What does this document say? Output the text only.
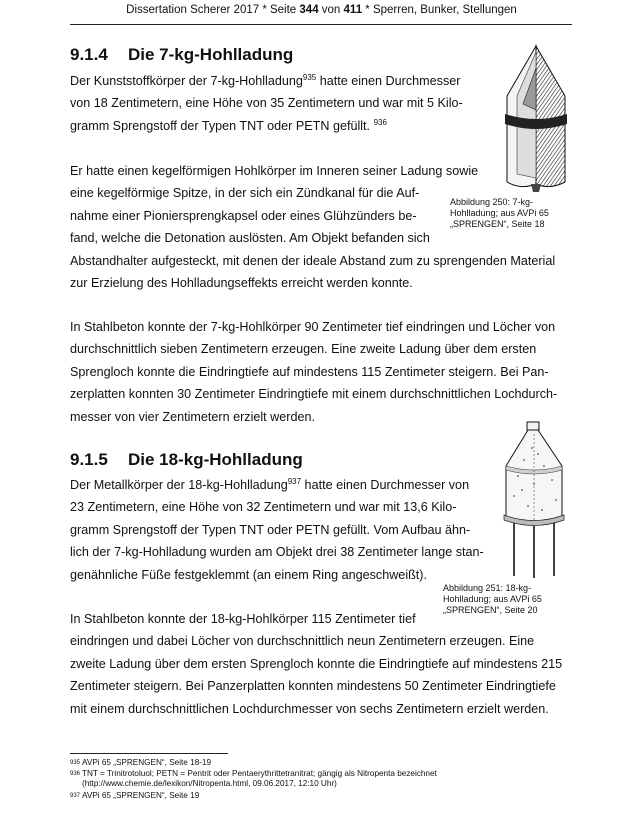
Dissertation Scherer 2017 * Seite 344 von 411 * Sperren, Bunker, Stellungen
9.1.4 Die 7-kg-Hohlladung
Der Kunststoffkörper der 7-kg-Hohlladung$^{935}$ hatte einen Durchmesser
von 18 Zentimetern, eine Höhe von 35 Zentimetern und war mit 5 Kilo-
gramm Sprengstoff der Typen TNT oder PETN gefüllt. $^{936}$
Er hatte einen kegelförmigen Hohlkörper im Inneren seiner Ladung sowie
eine kegelförmige Spitze, in der sich ein Zündkanal für die Auf-
nahme einer Pioniersprengkapsel oder eines Glühzünders be-
fand, welche die Detonation auslösten. Am Objekt befanden sich
Abstandhalter aufgesteckt, mit denen der ideale Abstand zum zu sprengenden Material
zur Erzielung des Hohlladungseffekts erreicht werden konnte.
In Stahlbeton konnte der 7-kg-Hohlkörper 90 Zentimeter tief eindringen und Löcher von
durchschnittlich sieben Zentimetern erzeugen. Eine zweite Ladung über dem ersten
Sprengloch konnte die Eindringtiefe auf mindestens 115 Zentimeter steigern. Bei Pan-
zerplatten konnten 30 Zentimeter Eindringtiefe mit einem durchschnittlichen Lochdurch-
messer von vier Zentimetern erzielt werden.
Abbildung 250: 7-kg-
Hohlladung; aus AVPi 65
„SPRENGEN“, Seite 18
9.1.5 Die 18-kg-Hohlladung
Der Metallkörper der 18-kg-Hohlladung$^{937}$ hatte einen Durchmesser von
23 Zentimetern, eine Höhe von 32 Zentimetern und war mit 13,6 Kilo-
gramm Sprengstoff der Typen TNT oder PETN gefüllt. Vom Aufbau ähn-
lich der 7-kg-Hohlladung wurden am Objekt drei 38 Zentimeter lange stan-
genähnliche Füße festgeklemmt (an einem Ring angeschweißt).
In Stahlbeton konnte der 18-kg-Hohlkörper 115 Zentimeter tief
eindringen und dabei Löcher von durchschnittlich neun Zentimetern erzeugen. Eine
zweite Ladung über dem ersten Sprengloch konnte die Eindringtiefe auf mindestens 215
Zentimeter steigern. Bei Panzerplatten konnten mindestens 50 Zentimeter Eindringtiefe
mit einem durchschnittlichen Lochdurchmesser von sechs Zentimetern erzielt werden.
Abbildung 251: 18-kg-
Hohlladung; aus AVPi 65
„SPRENGEN“, Seite 20
935 AVPi 65 „SPRENGEN“, Seite 18-19
936 TNT = Trinitrotoluol; PETN = Pentrit oder Pentaerythrittetranitrat; gängig als Nitropenta bezeichnet
(http://www.chemie.de/lexikon/Nitropenta.html, 09.06.2017, 12:10 Uhr)
937 AVPi 65 „SPRENGEN“, Seite 19
